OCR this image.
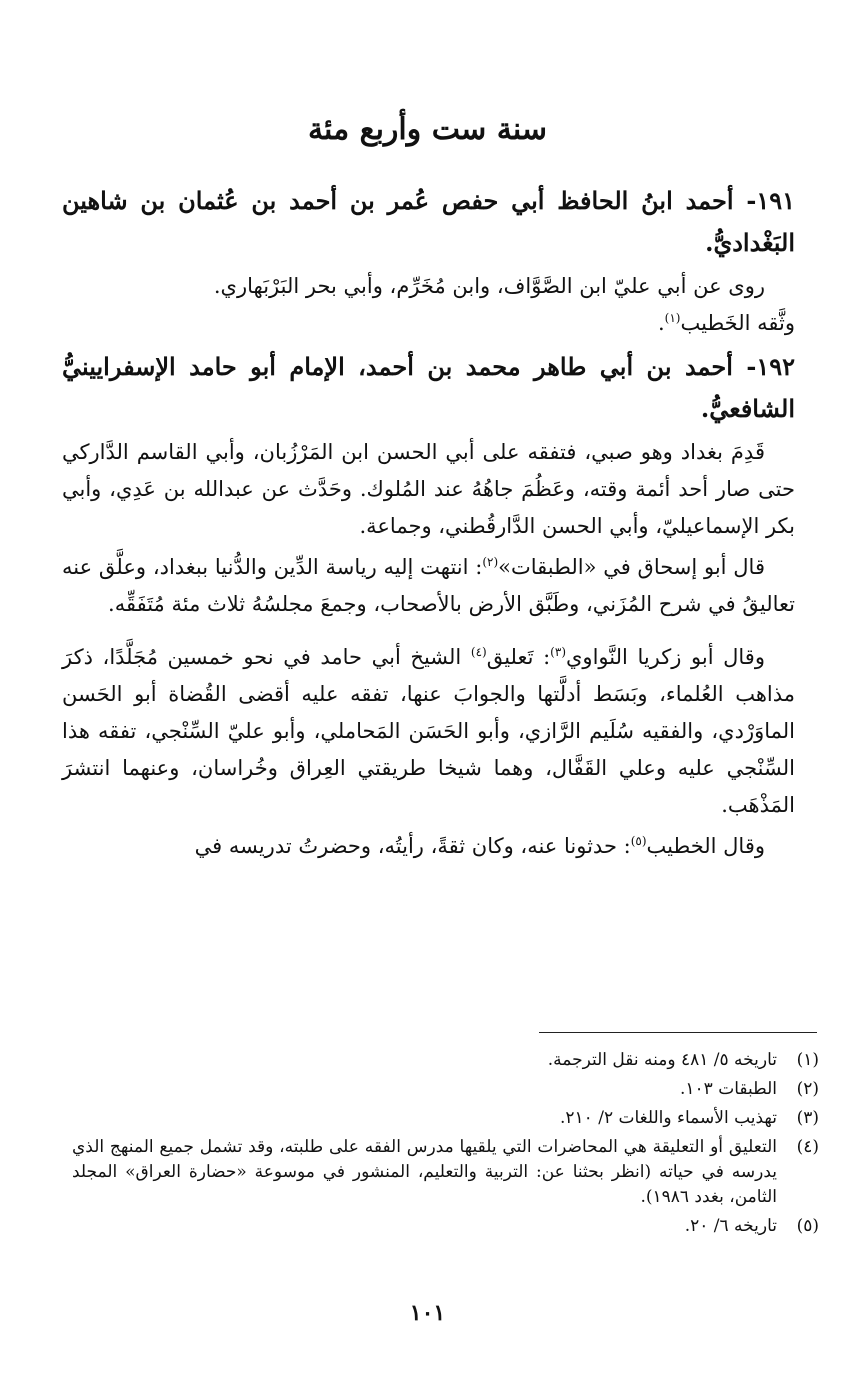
سنة ست وأربع مئة

١٩١- أحمد ابنُ الحافظ أبي حفص عُمر بن أحمد بن عُثمان بن شاهين البَغْداديُّ.

روى عن أبي عليّ ابن الصَّوَّاف، وابن مُخَرِّم، وأبي بحر البَرْبَهاري.
وثَّقه الخَطيب$^{(١)}$.

١٩٢- أحمد بن أبي طاهر محمد بن أحمد، الإمام أبو حامد الإسفرايينيُّ الشافعيُّ.

قَدِمَ بغداد وهو صبي، فتفقه على أبي الحسن ابن المَرْزُبان، وأبي القاسم الدَّاركي حتى صار أحد أئمة وقته، وعَظُمَ جاهُهُ عند المُلوك. وحَدَّث عن عبدالله بن عَدِي، وأبي بكر الإسماعيليّ، وأبي الحسن الدَّارقُطني، وجماعة.

قال أبو إسحاق في «الطبقات»$^{(٢)}$: انتهت إليه رياسة الدِّين والدُّنيا ببغداد، وعلَّق عنه تعاليقُ في شرح المُزَني، وطَبَّق الأرض بالأصحاب، وجمعَ مجلسُهُ ثلاث مئة مُتَفَقِّه.

وقال أبو زكريا النَّواوي$^{(٣)}$: تَعليق$^{(٤)}$ الشيخ أبي حامد في نحو خمسين مُجَلَّدًا، ذكرَ مذاهب العُلماء، وبَسَط أدلَّتها والجوابَ عنها، تفقه عليه أقضى القُضاة أبو الحَسن الماوَرْدي، والفقيه سُلَيم الرَّازي، وأبو الحَسَن المَحاملي، وأبو عليّ السِّنْجي، تفقه هذا السِّنْجي عليه وعلي القَفَّال، وهما شيخا طريقتي العِراق وخُراسان، وعنهما انتشرَ المَذْهَب.

وقال الخطيب$^{(٥)}$: حدثونا عنه، وكان ثقةً، رأيتُه، وحضرتُ تدريسه في

(١)
تاريخه ٥/ ٤٨١ ومنه نقل الترجمة.
(٢)
الطبقات ١٠٣.
(٣)
تهذيب الأسماء واللغات ٢/ ٢١٠.
(٤)
التعليق أو التعليقة هي المحاضرات التي يلقيها مدرس الفقه على طلبته، وقد تشمل جميع المنهج الذي يدرسه في حياته (انظر بحثنا عن: التربية والتعليم، المنشور في موسوعة «حضارة العراق» المجلد الثامن، بغدد ١٩٨٦).
(٥)
تاريخه ٦/ ٢٠.

١٠١
